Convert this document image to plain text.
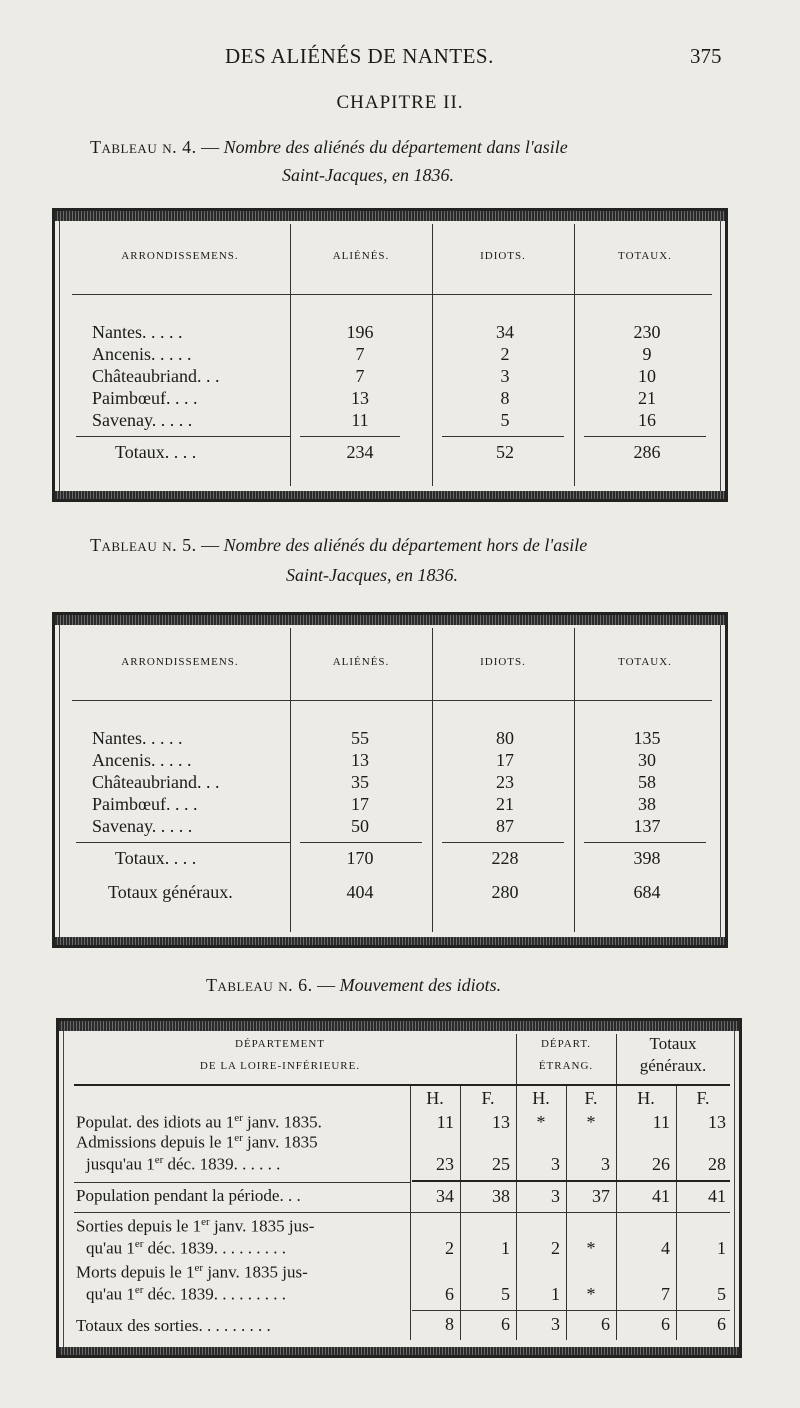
DES ALIÉNÉS DE NANTES.	375
CHAPITRE II.
Tableau n. 4. — Nombre des aliénés du département dans l'asile
Saint-Jacques, en 1836.
ARRONDISSEMENS.	ALIÉNÉS.	IDIOTS.	TOTAUX.
Nantes. . . . .	196	34	230
Ancenis. . . . .	7	2	9
Châteaubriand. . .	7	3	10
Paimbœuf. . . .	13	8	21
Savenay. . . . .	11	5	16
Totaux. . . .	234	52	286
Tableau n. 5. — Nombre des aliénés du département hors de l'asile
Saint-Jacques, en 1836.
ARRONDISSEMENS.	ALIÉNÉS.	IDIOTS.	TOTAUX.
Nantes. . . . .	55	80	135
Ancenis. . . . .	13	17	30
Châteaubriand. . .	35	23	58
Paimbœuf. . . .	17	21	38
Savenay. . . . .	50	87	137
Totaux. . . .	170	228	398
Totaux généraux.	404	280	684
Tableau n. 6. — Mouvement des idiots.
DÉPARTEMENT
DE LA LOIRE-INFÉRIEURE.
DÉPART.
ÉTRANG.
Totaux
généraux.
H.	F.	H.	F.	H.	F.
Populat. des idiots au 1er janv. 1835.	11	13	*	*	11	13
Admissions depuis le 1er janv. 1835
jusqu'au 1er déc. 1839. . . . . .	23	25	3	3	26	28
Population pendant la période. . .	34	38	3	37	41	41
Sorties depuis le 1er janv. 1835 jus-
qu'au 1er déc. 1839. . . . . . . . .	2	1	2	*	4	1
Morts depuis le 1er janv. 1835 jus-
qu'au 1er déc. 1839. . . . . . . . .	6	5	1	*	7	5
Totaux des sorties. . . . . . . . .	8	6	3	6	6	6
